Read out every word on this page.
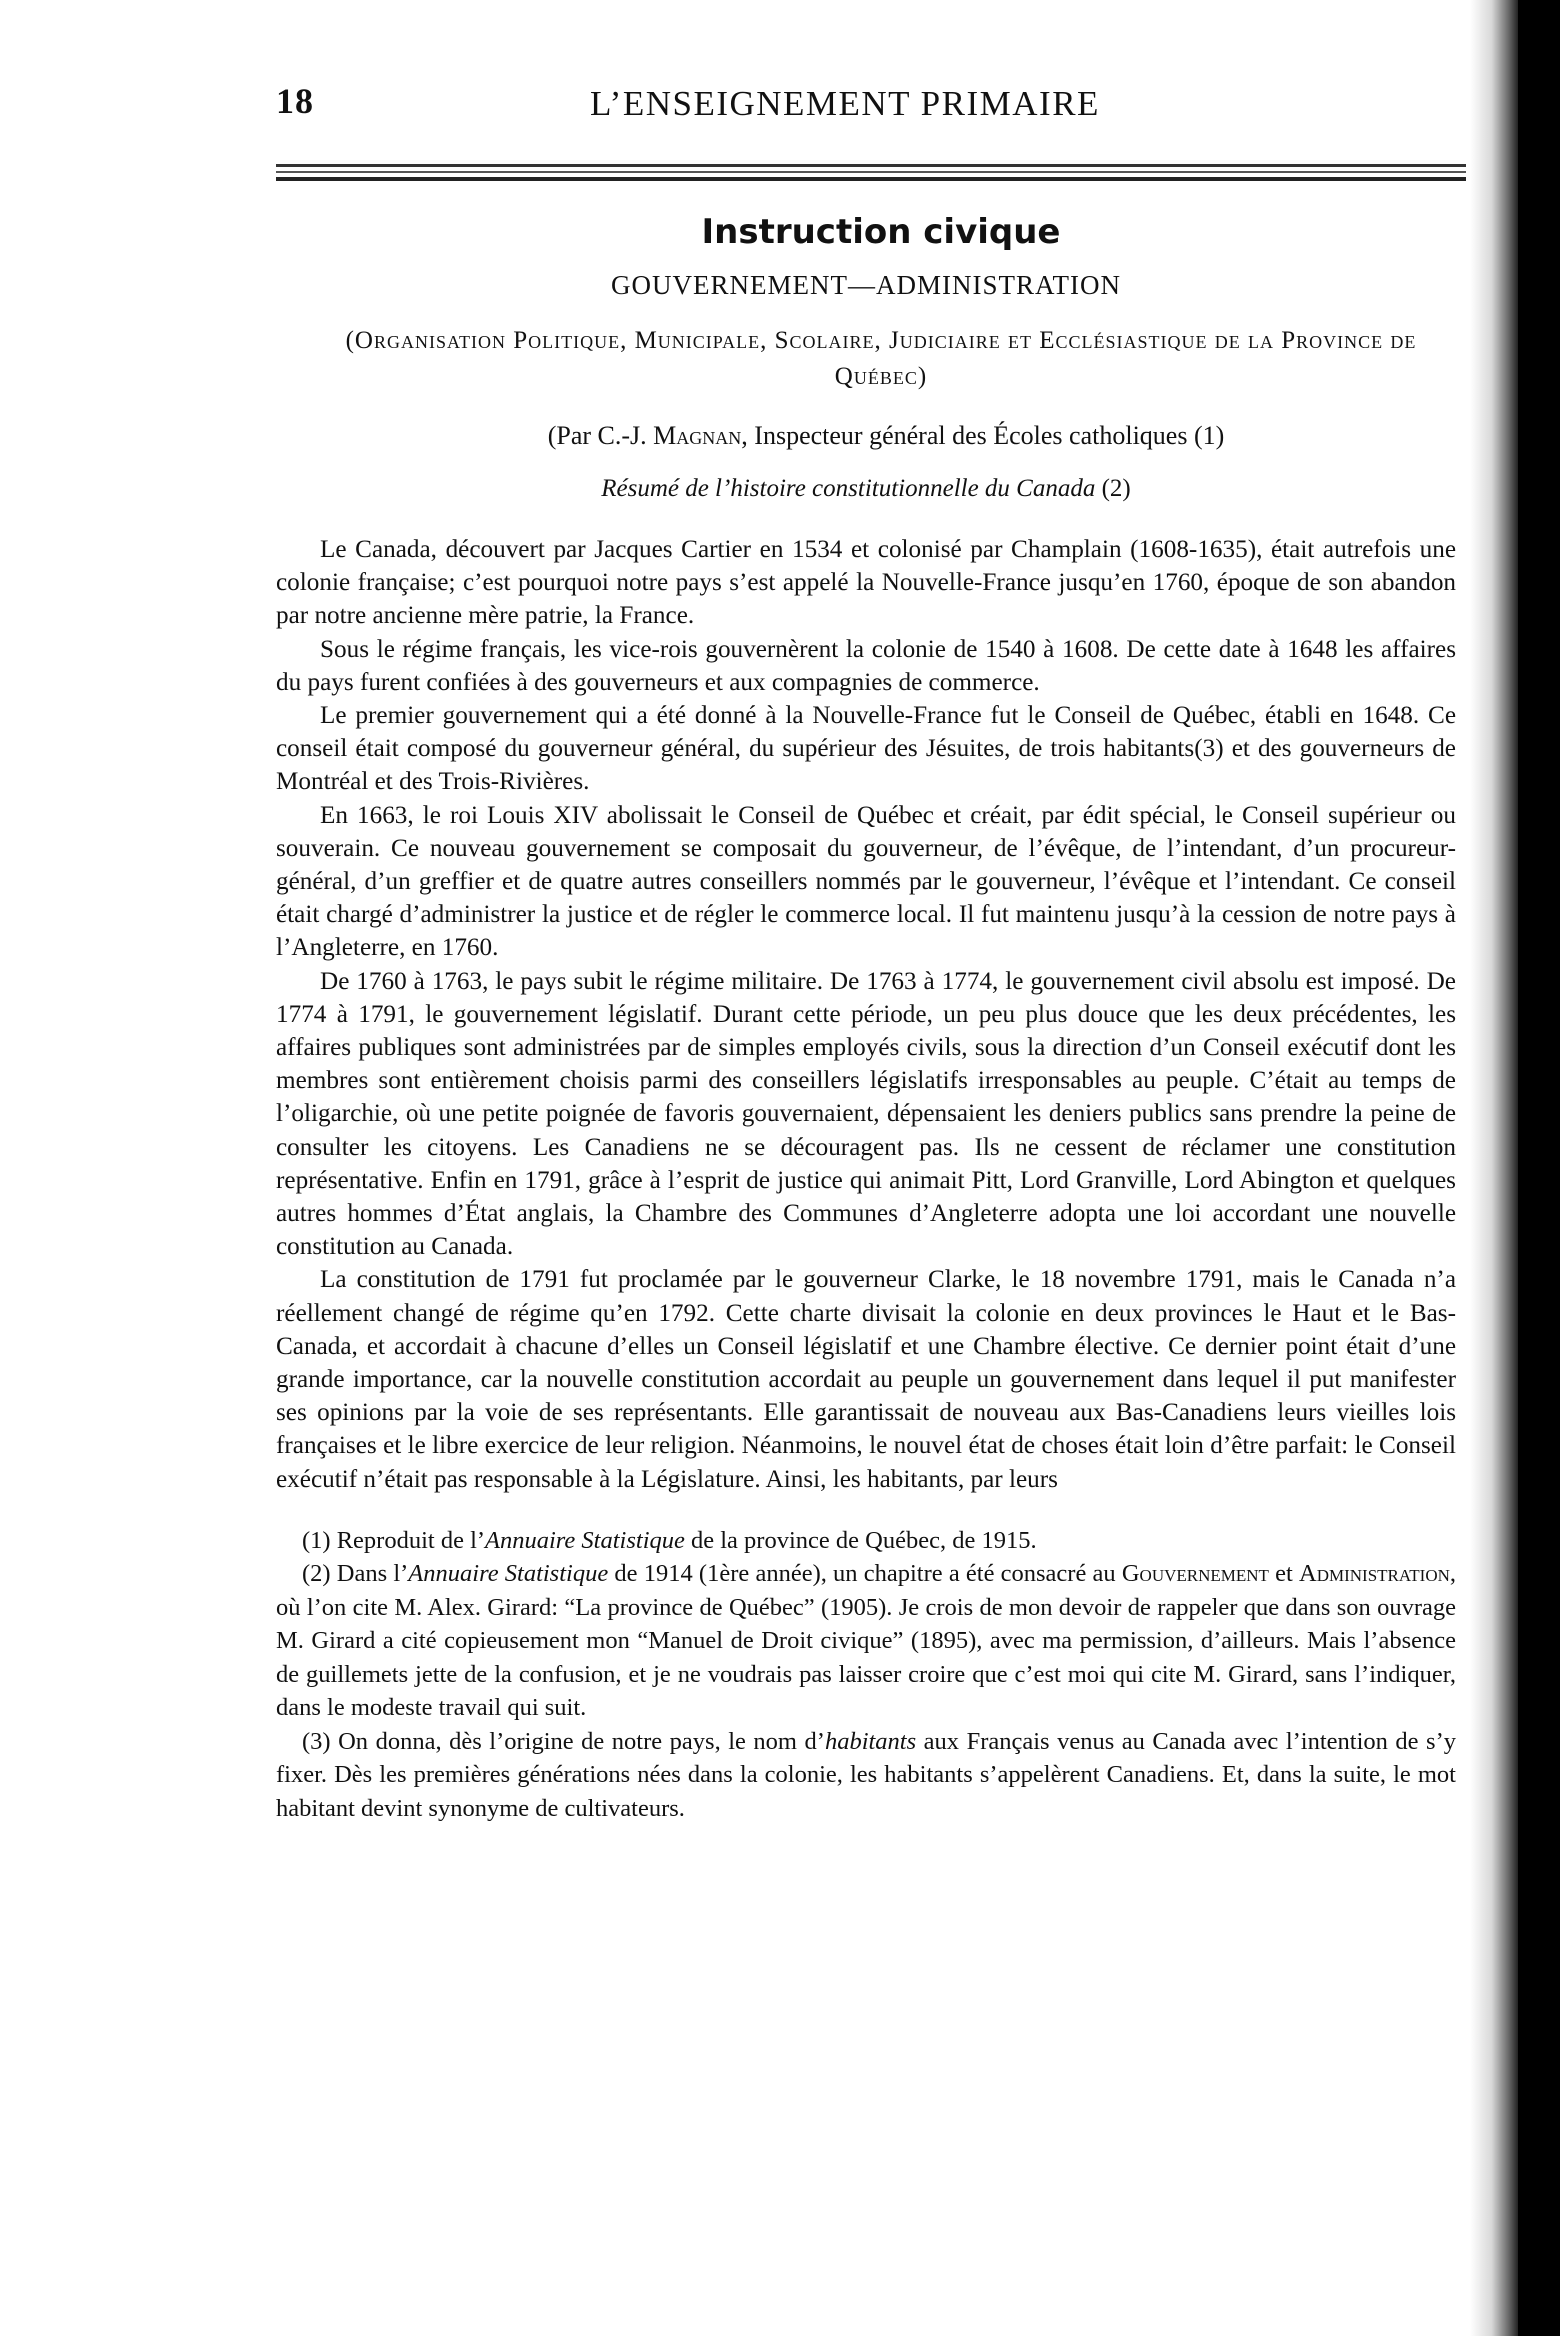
18	L’ENSEIGNEMENT PRIMAIRE
Instruction civique
GOUVERNEMENT—ADMINISTRATION
(Organisation Politique, Municipale, Scolaire, Judiciaire et Ecclésiastique de la Province de Québec)
(Par C.-J. Magnan, Inspecteur général des Écoles catholiques (1)
Résumé de l’histoire constitutionnelle du Canada (2)

Le Canada, découvert par Jacques Cartier en 1534 et colonisé par Champlain (1608-1635), était autrefois une colonie française; c’est pourquoi notre pays s’est appelé la Nouvelle-France jusqu’en 1760, époque de son abandon par notre ancienne mère patrie, la France.

Sous le régime français, les vice-rois gouvernèrent la colonie de 1540 à 1608. De cette date à 1648 les affaires du pays furent confiées à des gouverneurs et aux compagnies de commerce.

Le premier gouvernement qui a été donné à la Nouvelle-France fut le Conseil de Québec, établi en 1648. Ce conseil était composé du gouverneur général, du supérieur des Jésuites, de trois habitants(3) et des gouverneurs de Montréal et des Trois-Rivières.

En 1663, le roi Louis XIV abolissait le Conseil de Québec et créait, par édit spécial, le Conseil supérieur ou souverain. Ce nouveau gouvernement se composait du gouverneur, de l’évêque, de l’intendant, d’un procureur-général, d’un greffier et de quatre autres conseillers nommés par le gouverneur, l’évêque et l’intendant. Ce conseil était chargé d’administrer la justice et de régler le commerce local. Il fut maintenu jusqu’à la cession de notre pays à l’Angleterre, en 1760.

De 1760 à 1763, le pays subit le régime militaire. De 1763 à 1774, le gouvernement civil absolu est imposé. De 1774 à 1791, le gouvernement législatif. Durant cette période, un peu plus douce que les deux précédentes, les affaires publiques sont administrées par de simples employés civils, sous la direction d’un Conseil exécutif dont les membres sont entièrement choisis parmi des conseillers législatifs irresponsables au peuple. C’était au temps de l’oligarchie, où une petite poignée de favoris gouvernaient, dépensaient les deniers publics sans prendre la peine de consulter les citoyens. Les Canadiens ne se découragent pas. Ils ne cessent de réclamer une constitution représentative. Enfin en 1791, grâce à l’esprit de justice qui animait Pitt, Lord Granville, Lord Abington et quelques autres hommes d’État anglais, la Chambre des Communes d’Angleterre adopta une loi accordant une nouvelle constitution au Canada.

La constitution de 1791 fut proclamée par le gouverneur Clarke, le 18 novembre 1791, mais le Canada n’a réellement changé de régime qu’en 1792. Cette charte divisait la colonie en deux provinces le Haut et le Bas-Canada, et accordait à chacune d’elles un Conseil législatif et une Chambre élective. Ce dernier point était d’une grande importance, car la nouvelle constitution accordait au peuple un gouvernement dans lequel il put manifester ses opinions par la voie de ses représentants. Elle garantissait de nouveau aux Bas-Canadiens leurs vieilles lois françaises et le libre exercice de leur religion. Néanmoins, le nouvel état de choses était loin d’être parfait: le Conseil exécutif n’était pas responsable à la Législature. Ainsi, les habitants, par leurs

(1) Reproduit de l’Annuaire Statistique de la province de Québec, de 1915.

(2) Dans l’Annuaire Statistique de 1914 (1ère année), un chapitre a été consacré au Gouvernement et Administration, où l’on cite M. Alex. Girard: “La province de Québec” (1905). Je crois de mon devoir de rappeler que dans son ouvrage M. Girard a cité copieusement mon “Manuel de Droit civique” (1895), avec ma permission, d’ailleurs. Mais l’absence de guillemets jette de la confusion, et je ne voudrais pas laisser croire que c’est moi qui cite M. Girard, sans l’indiquer, dans le modeste travail qui suit.

(3) On donna, dès l’origine de notre pays, le nom d’habitants aux Français venus au Canada avec l’intention de s’y fixer. Dès les premières générations nées dans la colonie, les habitants s’appelèrent Canadiens. Et, dans la suite, le mot habitant devint synonyme de cultivateurs.
